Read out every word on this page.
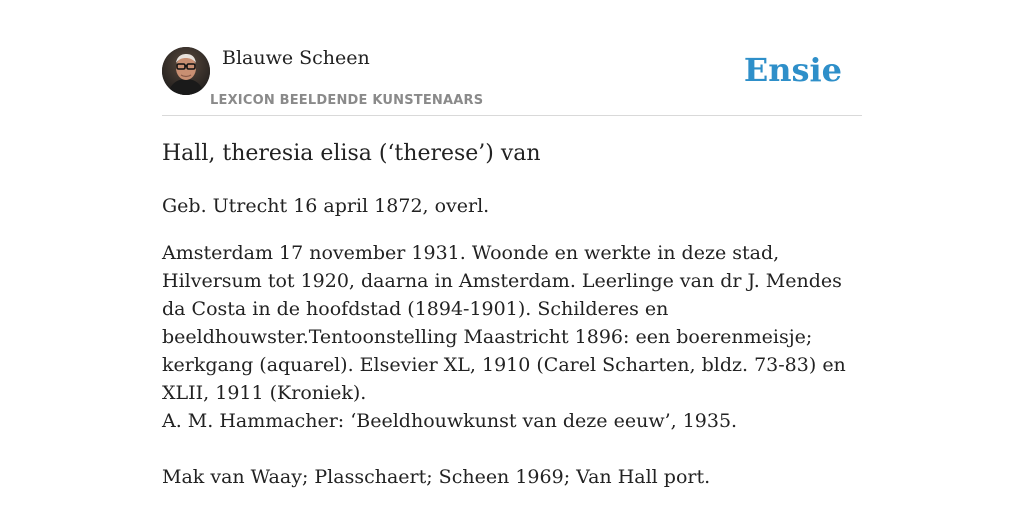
Blauwe Scheen
LEXICON BEELDENDE KUNSTENAARS
Ensie
Hall, theresia elisa (‘therese’) van

Geb. Utrecht 16 april 1872, overl.

Amsterdam 17 november 1931. Woonde en werkte in deze stad, Hilversum tot 1920, daarna in Amsterdam. Leerlinge van dr J. Mendes da Costa in de hoofdstad (1894-1901). Schilderes en beeldhouwster.Tentoonstelling Maastricht 1896: een boerenmeisje; kerkgang (aquarel). Elsevier XL, 1910 (Carel Scharten, bldz. 73-83) en XLII, 1911 (Kroniek).

A. M. Hammacher: ‘Beeldhouwkunst van deze eeuw’, 1935.

Mak van Waay; Plasschaert; Scheen 1969; Van Hall port.
